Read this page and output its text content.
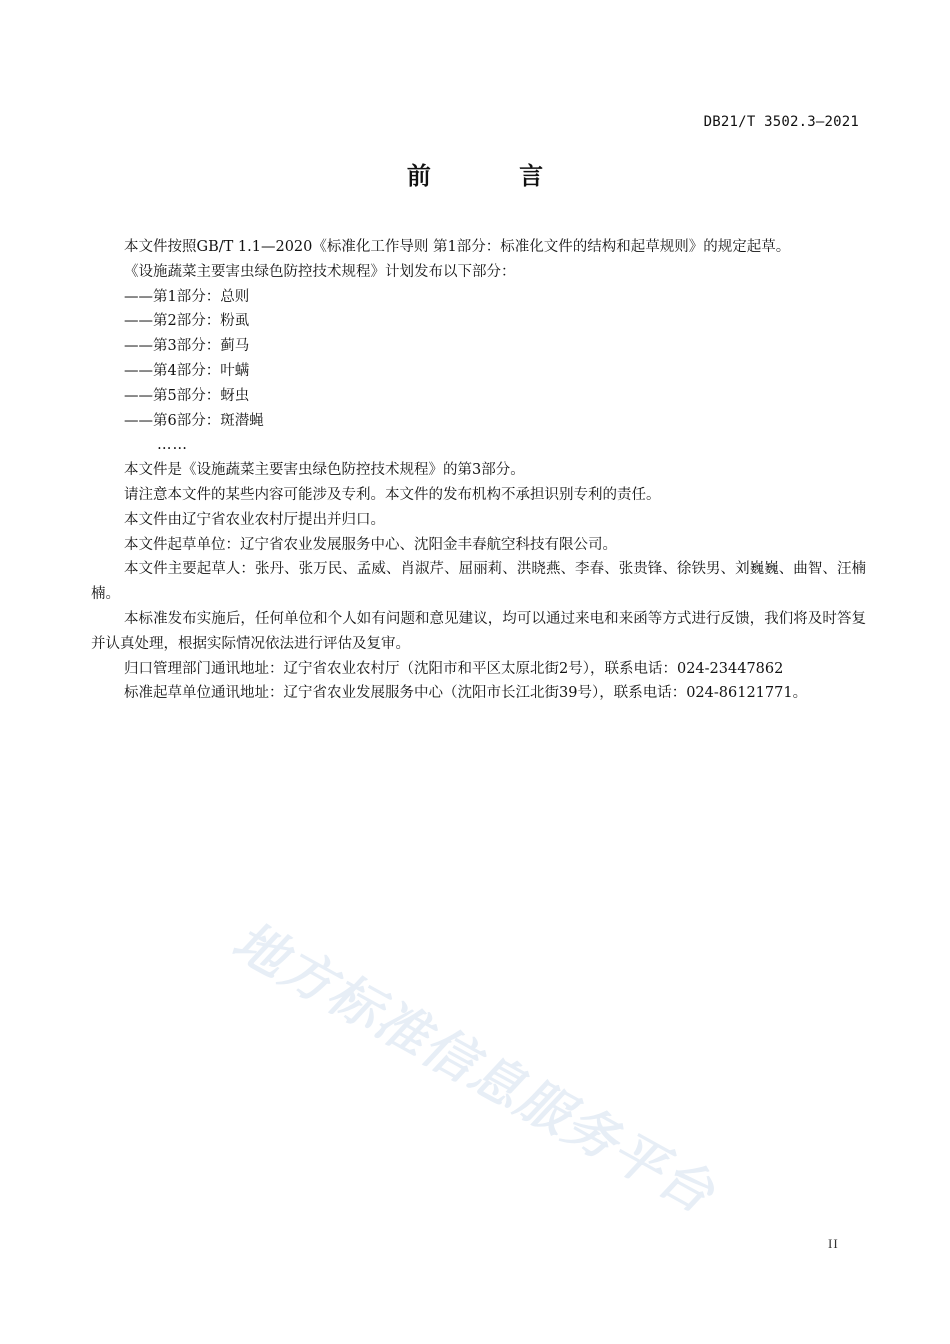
DB21/T 3502.3—2021
前 言

本文件按照GB/T 1.1—2020《标准化工作导则 第1部分：标准化文件的结构和起草规则》的规定起草。

《设施蔬菜主要害虫绿色防控技术规程》计划发布以下部分：

——第1部分：总则

——第2部分：粉虱

——第3部分：蓟马

——第4部分：叶螨

——第5部分：蚜虫

——第6部分：斑潜蝇

……

本文件是《设施蔬菜主要害虫绿色防控技术规程》的第3部分。

请注意本文件的某些内容可能涉及专利。本文件的发布机构不承担识别专利的责任。

本文件由辽宁省农业农村厅提出并归口。

本文件起草单位：辽宁省农业发展服务中心、沈阳金丰春航空科技有限公司。

本文件主要起草人：张丹、张万民、孟威、肖淑芹、屈丽莉、洪晓燕、李春、张贵锋、徐铁男、刘巍巍、曲智、汪楠楠。

本标准发布实施后，任何单位和个人如有问题和意见建议，均可以通过来电和来函等方式进行反馈，我们将及时答复并认真处理，根据实际情况依法进行评估及复审。

归口管理部门通讯地址：辽宁省农业农村厅（沈阳市和平区太原北街2号），联系电话：024-23447862

标准起草单位通讯地址：辽宁省农业发展服务中心（沈阳市长江北街39号），联系电话：024-86121771。

地方标准信息服务平台
II
